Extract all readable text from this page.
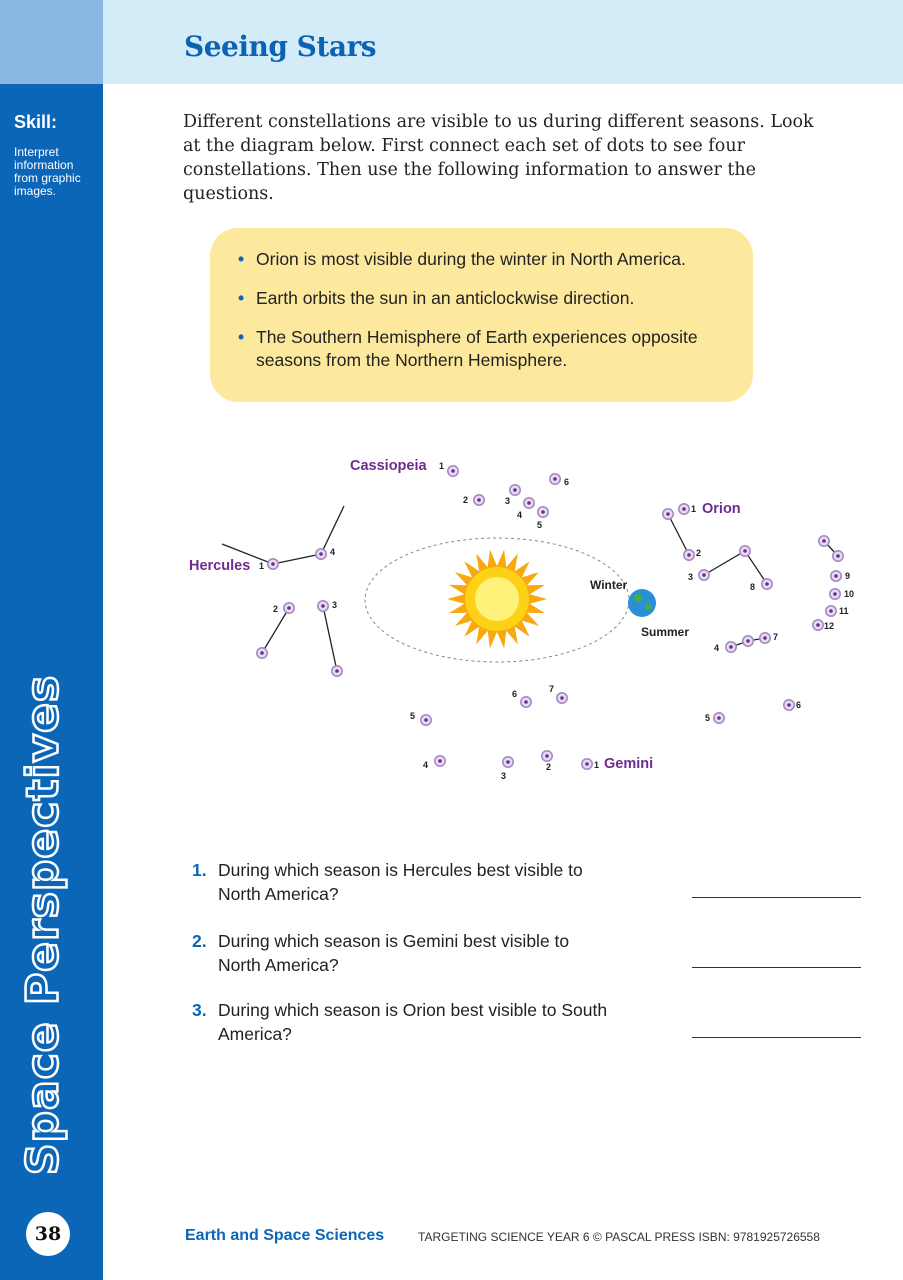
Seeing Stars
Skill:
Interpret information from graphic images.
Space Perspectives
38
Different constellations are visible to us during different seasons. Look at the diagram below. First connect each set of dots to see four constellations. Then use the following information to answer the questions.
• Orion is most visible during the winter in North America.
• Earth orbits the sun in an anticlockwise direction.
• The Southern Hemisphere of Earth experiences opposite seasons from the Northern Hemisphere.
Winter
Summer
Cassiopeia
Hercules
Orion
Gemini
1
2	3
4
5
6
1
2	3
4
1
2
3
4
5
6
7
8
9
10
11
12
1
2
3
4
5
6	7
1. During which season is Hercules best visible to North America?
2. During which season is Gemini best visible to North America?
3. During which season is Orion best visible to South America?
Earth and Space Sciences	TARGETING SCIENCE YEAR 6 © PASCAL PRESS ISBN: 9781925726558
